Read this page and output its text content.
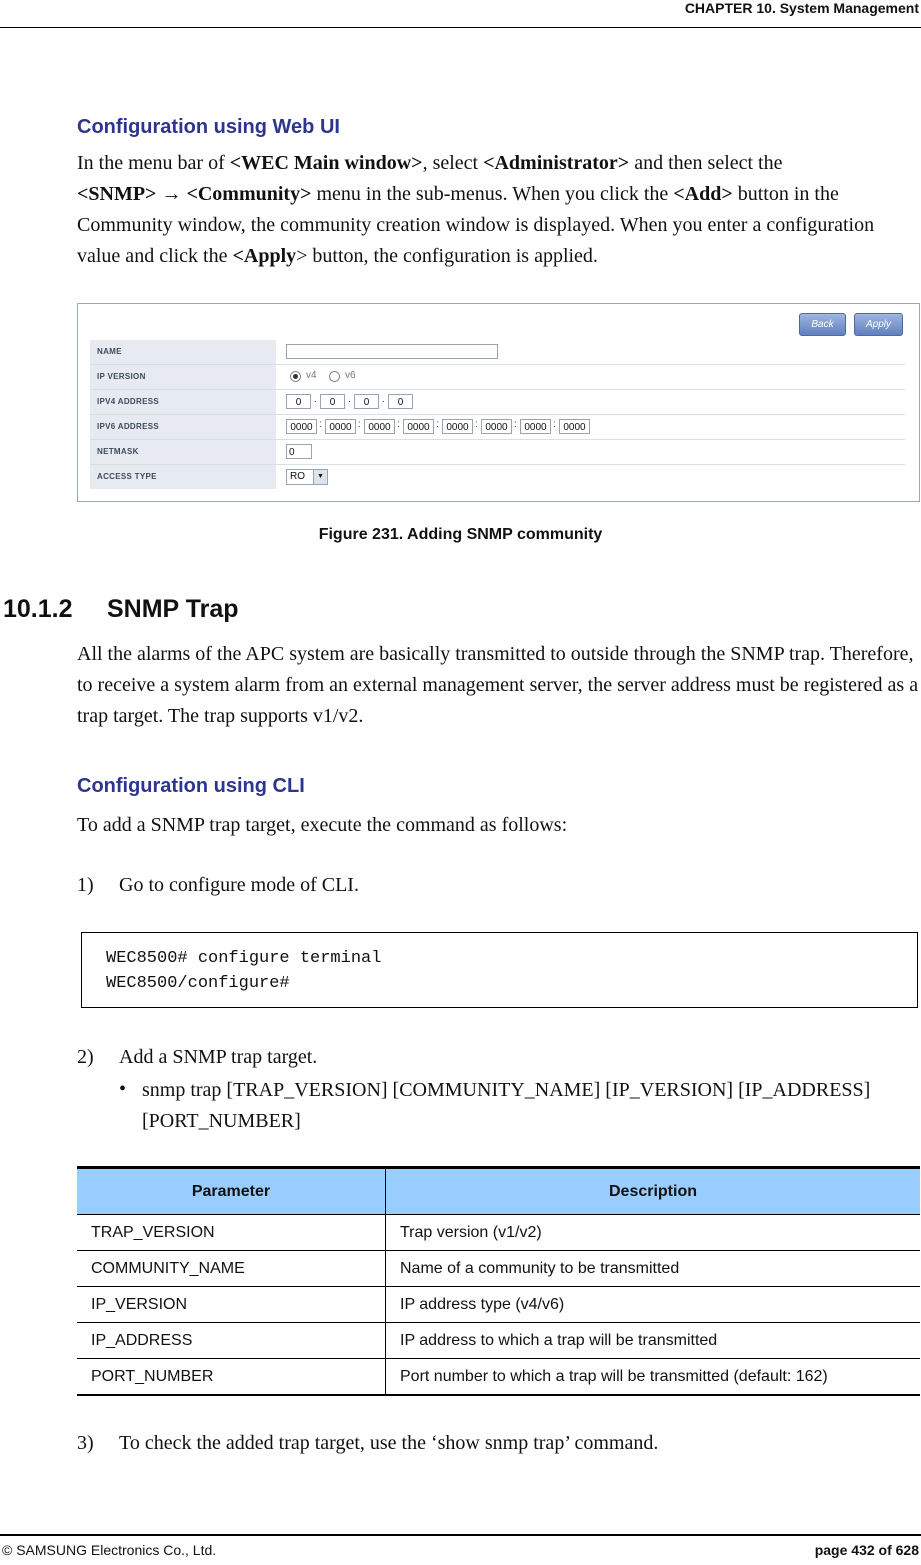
CHAPTER 10. System Management
Configuration using Web UI
In the menu bar of <WEC Main window>, select <Administrator> and then select the
<SNMP> → <Community> menu in the sub-menus. When you click the <Add> button in the Community window, the community creation window is displayed. When you enter a configuration value and click the <Apply> button, the configuration is applied.
Back	Apply
NAME
IP VERSION	v4	v6
IPV4 ADDRESS	0	.	0	.	0	.	0
IPV6 ADDRESS	0000 : 0000 : 0000 : 0000 : 0000 : 0000 : 0000 : 0000
NETMASK	0
ACCESS TYPE	RO	▼
Figure 231. Adding SNMP community
10.1.2 SNMP Trap
All the alarms of the APC system are basically transmitted to outside through the SNMP trap. Therefore, to receive a system alarm from an external management server, the server address must be registered as a trap target. The trap supports v1/v2.
Configuration using CLI
To add a SNMP trap target, execute the command as follows:
1) Go to configure mode of CLI.
WEC8500# configure terminal
WEC8500/configure#
2) Add a SNMP trap target.
• snmp trap [TRAP_VERSION] [COMMUNITY_NAME] [IP_VERSION] [IP_ADDRESS] [PORT_NUMBER]
Parameter	Description
TRAP_VERSION	Trap version (v1/v2)
COMMUNITY_NAME	Name of a community to be transmitted
IP_VERSION	IP address type (v4/v6)
IP_ADDRESS	IP address to which a trap will be transmitted
PORT_NUMBER	Port number to which a trap will be transmitted (default: 162)
3) To check the added trap target, use the ‘show snmp trap’ command.
© SAMSUNG Electronics Co., Ltd.	page 432 of 628
